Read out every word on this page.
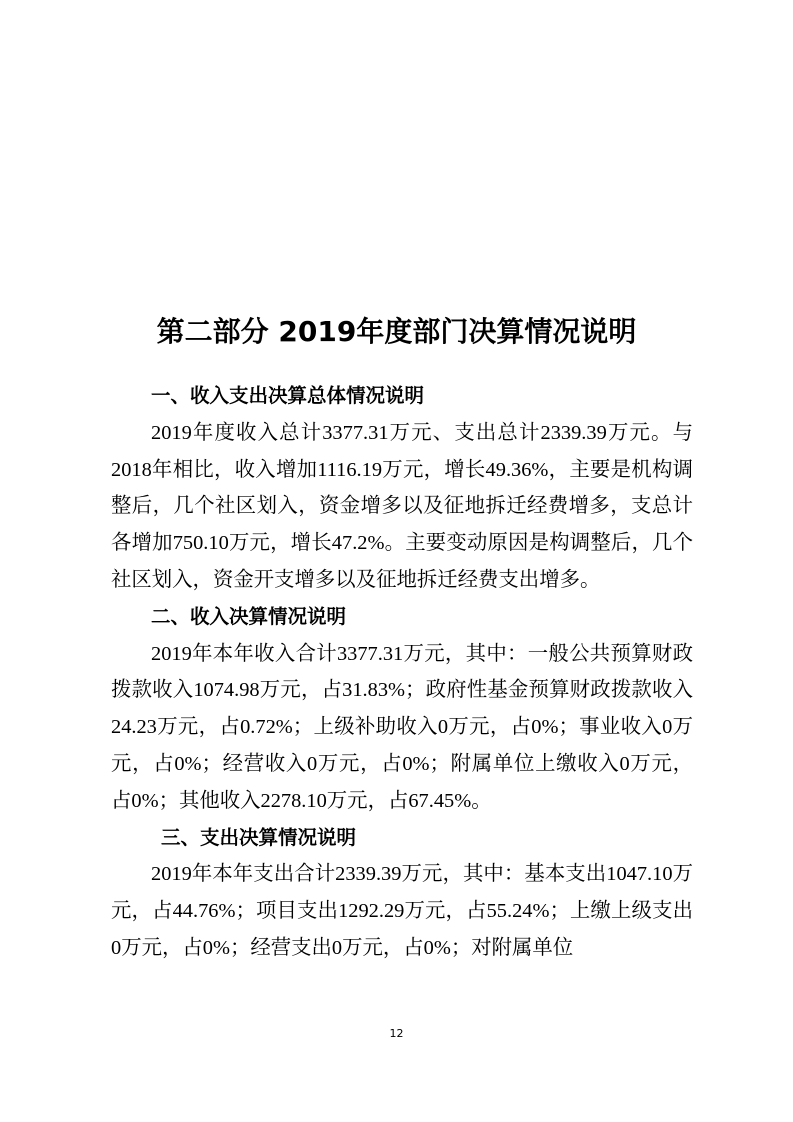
第二部分 2019年度部门决算情况说明
一、收入支出决算总体情况说明

2019年度收入总计3377.31万元、支出总计2339.39万元。与2018年相比，收入增加1116.19万元，增长49.36%，主要是机构调整后，几个社区划入，资金增多以及征地拆迁经费增多，支总计各增加750.10万元，增长47.2%。主要变动原因是构调整后，几个社区划入，资金开支增多以及征地拆迁经费支出增多。

二、收入决算情况说明

2019年本年收入合计3377.31万元，其中：一般公共预算财政拨款收入1074.98万元，占31.83%；政府性基金预算财政拨款收入24.23万元，占0.72%；上级补助收入0万元，占0%；事业收入0万元，占0%；经营收入0万元，占0%；附属单位上缴收入0万元，占0%；其他收入2278.10万元，占67.45%。

三、支出决算情况说明

2019年本年支出合计2339.39万元，其中：基本支出1047.10万元，占44.76%；项目支出1292.29万元，占55.24%；上缴上级支出0万元，占0%；经营支出0万元，占0%；对附属单位

12
